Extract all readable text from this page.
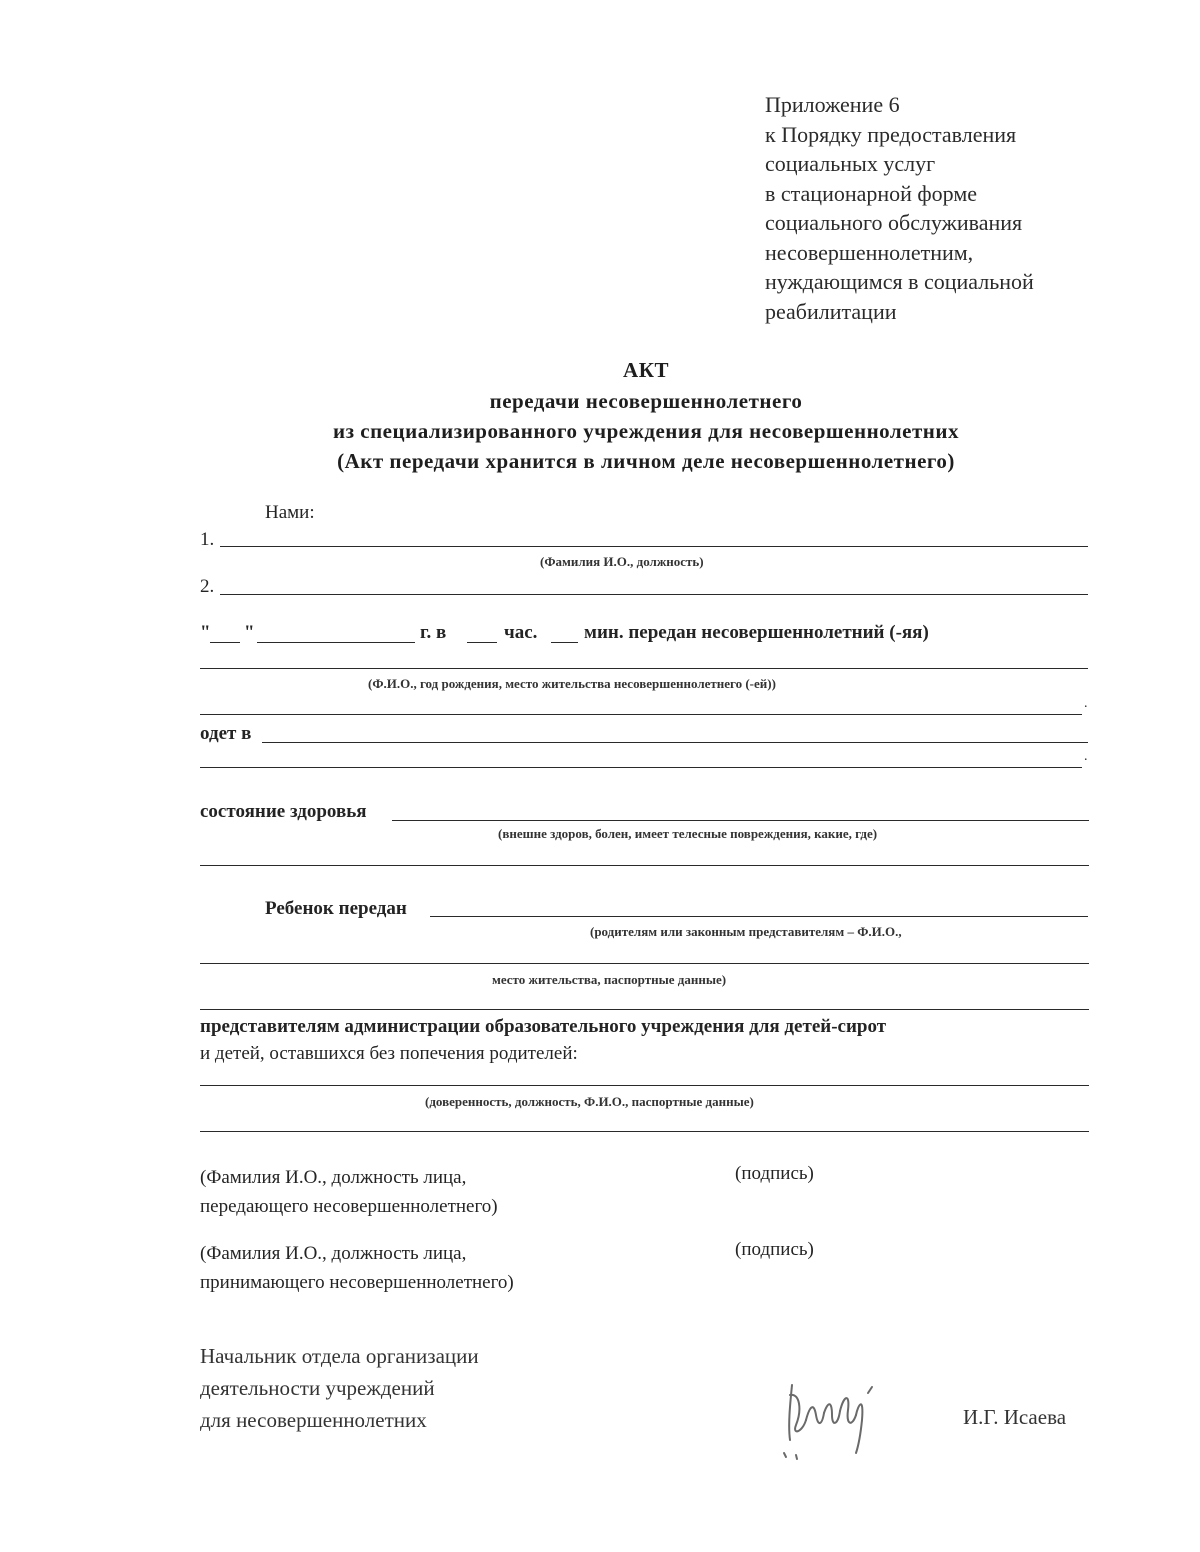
Приложение 6
к Порядку предоставления
социальных услуг
в стационарной форме
социального обслуживания
несовершеннолетним,
нуждающимся в социальной
реабилитации
АКТ
передачи несовершеннолетнего
из специализированного учреждения для несовершеннолетних
(Акт передачи хранится в личном деле несовершеннолетнего)
Нами:
1.
(Фамилия И.О., должность)
2.
" "	г. в	час. мин. передан несовершеннолетний (-яя)
(Ф.И.О., год рождения, место жительства несовершеннолетнего (-ей))
.
одет в
.
состояние здоровья
(внешне здоров, болен, имеет телесные повреждения, какие, где)
Ребенок передан
(родителям или законным представителям – Ф.И.О.,
место жительства, паспортные данные)
представителям администрации образовательного учреждения для детей-сирот
и детей, оставшихся без попечения родителей:
(доверенность, должность, Ф.И.О., паспортные данные)
(Фамилия И.О., должность лица,
передающего несовершеннолетнего)
(подпись)
(Фамилия И.О., должность лица,
принимающего несовершеннолетнего)
(подпись)
Начальник отдела организации
деятельности учреждений
для несовершеннолетних	И.Г. Исаева
